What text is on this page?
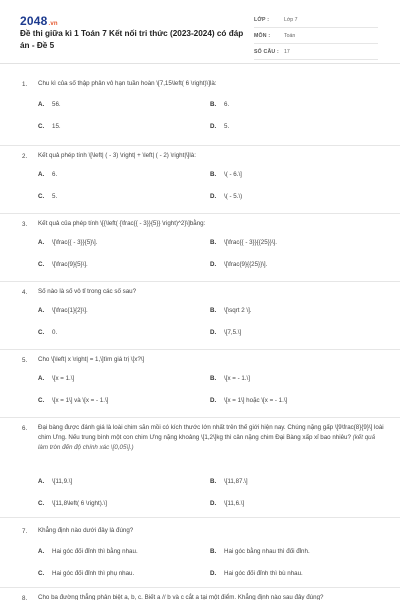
2048.vn
Đề thi giữa kì 1 Toán 7 Kết nối tri thức (2023-2024) có đáp án - Đề 5
LỚP :	Lớp 7
MÔN :	Toán
SỐ CÂU : 17
1. Chu kì của số thập phân vô hạn tuần hoàn \[7,15\left( 6 \right)\]là:
A. 56.	B. 6.
C. 15.	D. 5.
2. Kết quả phép tính \[\left| ( - 3) \right| + \left| ( - 2) \right|\]là:
A. 6.	B. \( - 6.\]
C. 5.	D. \( - 5.\)
3. Kết quả của phép tính \[{\left( {\frac{{ - 3}}{5}} \right)^2}\]bằng:
A. \[\frac{{ - 3}}{5}\].	B. \[\frac{{ - 3}}{{25}}\].
C. \[\frac{9}{5}\].	D. \[\frac{9}{{25}}\].
4. Số nào là số vô tỉ trong các số sau?
A. \[\frac{1}{2}\].	B. \[\sqrt 2 \].
C. 0.	D. \[7,5.\]
5. Cho \[\left| x \right| = 1,\]tìm giá trị \[x?\]
A. \[x = 1.\]	B. \[x = - 1.\]
C. \[x = 1\] và \[x = - 1.\]	D. \[x = 1\] hoặc \[x = - 1.\]
6. Đại bàng được đánh giá là loài chim săn mồi có kích thước lớn nhất trên thế giới hiện nay. Chúng nặng gấp \[9\frac{8}{9}\] loài chim Ưng. Nếu trung bình một con chim Ưng nặng khoảng \[1,2\]kg thì cân nặng chim Đại Bàng xấp xỉ bao nhiêu? (kết quả làm tròn đến độ chính xác \[0,05\].)
A. \[11,9.\]	B. \[11,87.\]
C. \[11,8\left( 6 \right).\]	D. \[11,6.\]
7. Khẳng định nào dưới đây là đúng?
A. Hai góc đối đỉnh thì bằng nhau.	B. Hai góc bằng nhau thì đối đỉnh.
C. Hai góc đối đỉnh thì phụ nhau.	D. Hai góc đối đỉnh thì bù nhau.
8. Cho ba đường thẳng phân biệt a, b, c. Biết a // b và c cắt a tại một điểm. Khẳng định nào sau đây đúng?
